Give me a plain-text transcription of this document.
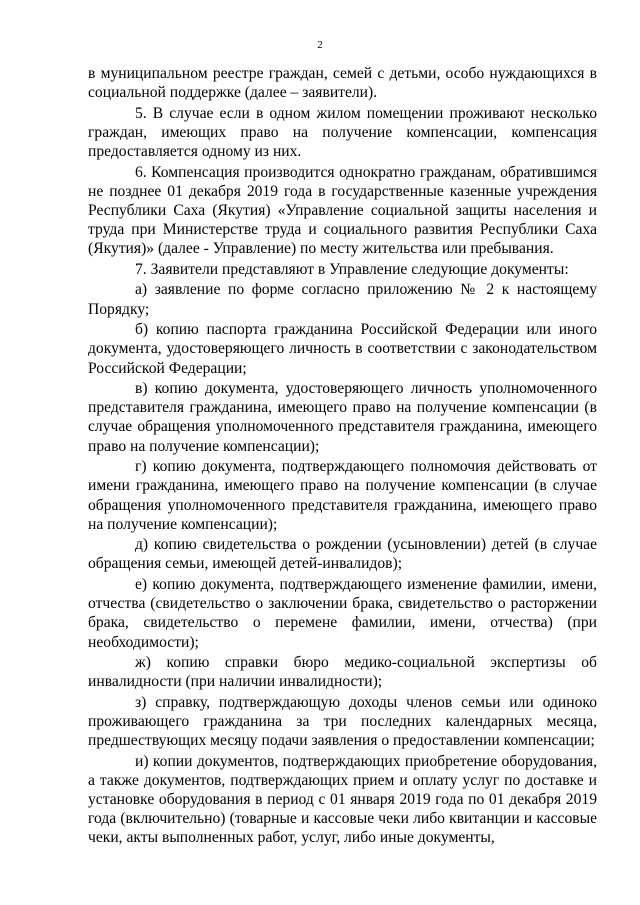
2

в муниципальном реестре граждан, семей с детьми, особо нуждающихся в социальной поддержке (далее – заявители).

5. В случае если в одном жилом помещении проживают несколько граждан, имеющих право на получение компенсации, компенсация предоставляется одному из них.

6. Компенсация производится однократно гражданам, обратившимся не позднее 01 декабря 2019 года в государственные казенные учреждения Республики Саха (Якутия) «Управление социальной защиты населения и труда при Министерстве труда и социального развития Республики Саха (Якутия)» (далее - Управление) по месту жительства или пребывания.

7. Заявители представляют в Управление следующие документы:

а) заявление по форме согласно приложению № 2 к настоящему Порядку;

б) копию паспорта гражданина Российской Федерации или иного документа, удостоверяющего личность в соответствии с законодательством Российской Федерации;

в) копию документа, удостоверяющего личность уполномоченного представителя гражданина, имеющего право на получение компенсации (в случае обращения уполномоченного представителя гражданина, имеющего право на получение компенсации);

г) копию документа, подтверждающего полномочия действовать от имени гражданина, имеющего право на получение компенсации (в случае обращения уполномоченного представителя гражданина, имеющего право на получение компенсации);

д) копию свидетельства о рождении (усыновлении) детей (в случае обращения семьи, имеющей детей-инвалидов);

е) копию документа, подтверждающего изменение фамилии, имени, отчества (свидетельство о заключении брака, свидетельство о расторжении брака, свидетельство о перемене фамилии, имени, отчества) (при необходимости);

ж) копию справки бюро медико-социальной экспертизы об инвалидности (при наличии инвалидности);

з) справку, подтверждающую доходы членов семьи или одиноко проживающего гражданина за три последних календарных месяца, предшествующих месяцу подачи заявления о предоставлении компенсации;

и) копии документов, подтверждающих приобретение оборудования, а также документов, подтверждающих прием и оплату услуг по доставке и установке оборудования в период с 01 января 2019 года по 01 декабря 2019 года (включительно) (товарные и кассовые чеки либо квитанции и кассовые чеки, акты выполненных работ, услуг, либо иные документы,
